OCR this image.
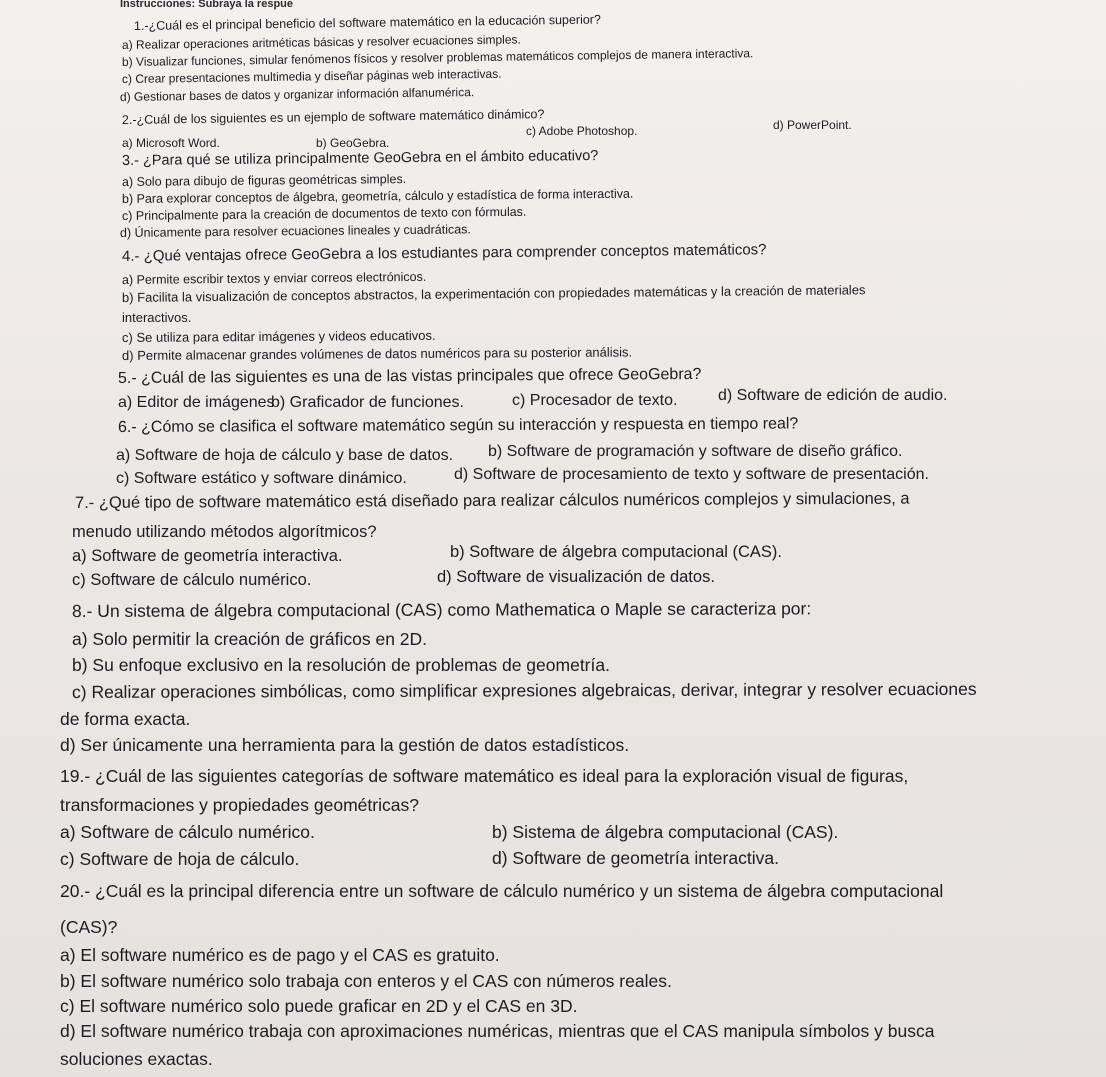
Instrucciones: Subraya la respue
1.-¿Cuál es el principal beneficio del software matemático en la educación superior?
a) Realizar operaciones aritméticas básicas y resolver ecuaciones simples.
b) Visualizar funciones, simular fenómenos físicos y resolver problemas matemáticos complejos de manera interactiva.
c) Crear presentaciones multimedia y diseñar páginas web interactivas.
d) Gestionar bases de datos y organizar información alfanumérica.
2.-¿Cuál de los siguientes es un ejemplo de software matemático dinámico?
a) Microsoft Word.	b) GeoGebra.
c) Adobe Photoshop.	d) PowerPoint.
3.- ¿Para qué se utiliza principalmente GeoGebra en el ámbito educativo?
a) Solo para dibujo de figuras geométricas simples.
b) Para explorar conceptos de álgebra, geometría, cálculo y estadística de forma interactiva.
c) Principalmente para la creación de documentos de texto con fórmulas.
d) Únicamente para resolver ecuaciones lineales y cuadráticas.
4.- ¿Qué ventajas ofrece GeoGebra a los estudiantes para comprender conceptos matemáticos?
a) Permite escribir textos y enviar correos electrónicos.
b) Facilita la visualización de conceptos abstractos, la experimentación con propiedades matemáticas y la creación de materiales
interactivos.
c) Se utiliza para editar imágenes y videos educativos.
d) Permite almacenar grandes volúmenes de datos numéricos para su posterior análisis.
5.- ¿Cuál de las siguientes es una de las vistas principales que ofrece GeoGebra?
a) Editor de imágenes
b) Graficador de funciones.	c) Procesador de texto.	d) Software de edición de audio.
6.- ¿Cómo se clasifica el software matemático según su interacción y respuesta en tiempo real?
a) Software de hoja de cálculo y base de datos. b) Software de programación y software de diseño gráfico.
c) Software estático y software dinámico.	d) Software de procesamiento de texto y software de presentación.
7.- ¿Qué tipo de software matemático está diseñado para realizar cálculos numéricos complejos y simulaciones, a
menudo utilizando métodos algorítmicos?
a) Software de geometría interactiva.	b) Software de álgebra computacional (CAS).
c) Software de cálculo numérico.	d) Software de visualización de datos.
8.- Un sistema de álgebra computacional (CAS) como Mathematica o Maple se caracteriza por:
a) Solo permitir la creación de gráficos en 2D.
b) Su enfoque exclusivo en la resolución de problemas de geometría.
c) Realizar operaciones simbólicas, como simplificar expresiones algebraicas, derivar, integrar y resolver ecuaciones
de forma exacta.
d) Ser únicamente una herramienta para la gestión de datos estadísticos.
19.- ¿Cuál de las siguientes categorías de software matemático es ideal para la exploración visual de figuras,
transformaciones y propiedades geométricas?
a) Software de cálculo numérico.	b) Sistema de álgebra computacional (CAS).
c) Software de hoja de cálculo.	d) Software de geometría interactiva.
20.- ¿Cuál es la principal diferencia entre un software de cálculo numérico y un sistema de álgebra computacional
(CAS)?
a) El software numérico es de pago y el CAS es gratuito.
b) El software numérico solo trabaja con enteros y el CAS con números reales.
c) El software numérico solo puede graficar en 2D y el CAS en 3D.
d) El software numérico trabaja con aproximaciones numéricas, mientras que el CAS manipula símbolos y busca
soluciones exactas.
